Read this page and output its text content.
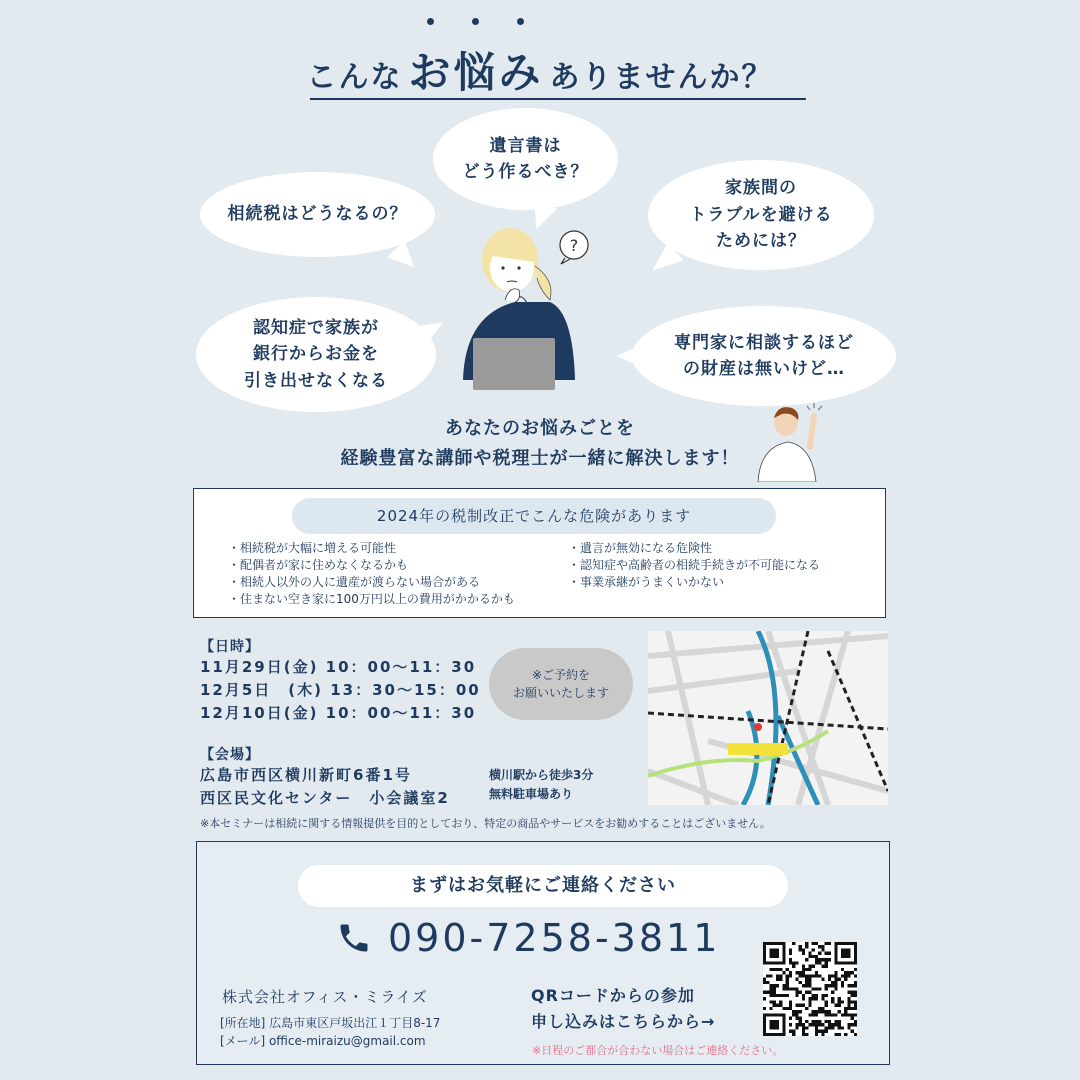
こんな お悩み ありませんか？
遺言書は
どう作るべき？
相続税はどうなるの？
家族間の
トラブルを避ける
ためには？
認知症で家族が
銀行からお金を
引き出せなくなる
専門家に相談するほど
の財産は無いけど…
?
あなたのお悩みごとを
経験豊富な講師や税理士が一緒に解決します！
2024年の税制改正でこんな危険があります
・ 相続税が大幅に増える可能性
・ 配偶者が家に住めなくなるかも
・ 相続人以外の人に遺産が渡らない場合がある
・ 住まない空き家に100万円以上の費用がかかるかも
・ 遺言が無効になる危険性
・ 認知症や高齢者の相続手続きが不可能になる
・ 事業承継がうまくいかない
【日時】
11月29日(金) 10：00～11：30
12月5日　(木) 13：30～15：00
12月10日(金) 10：00～11：30
※ご予約を
お願いいたします
【会場】
広島市西区横川新町6番1号
西区民文化センター　小会議室2
横川駅から徒歩3分
無料駐車場あり
※本セミナーは相続に関する情報提供を目的としており、特定の商品やサービスをお勧めすることはございません。
まずはお気軽にご連絡ください
090-7258-3811
株式会社オフィス・ミライズ
[所在地] 広島市東区戸坂出江１丁目8-17
[メール] office-miraizu@gmail.com
QRコードからの参加
申し込みはこちらから→
※日程のご都合が合わない場合はご連絡ください。
